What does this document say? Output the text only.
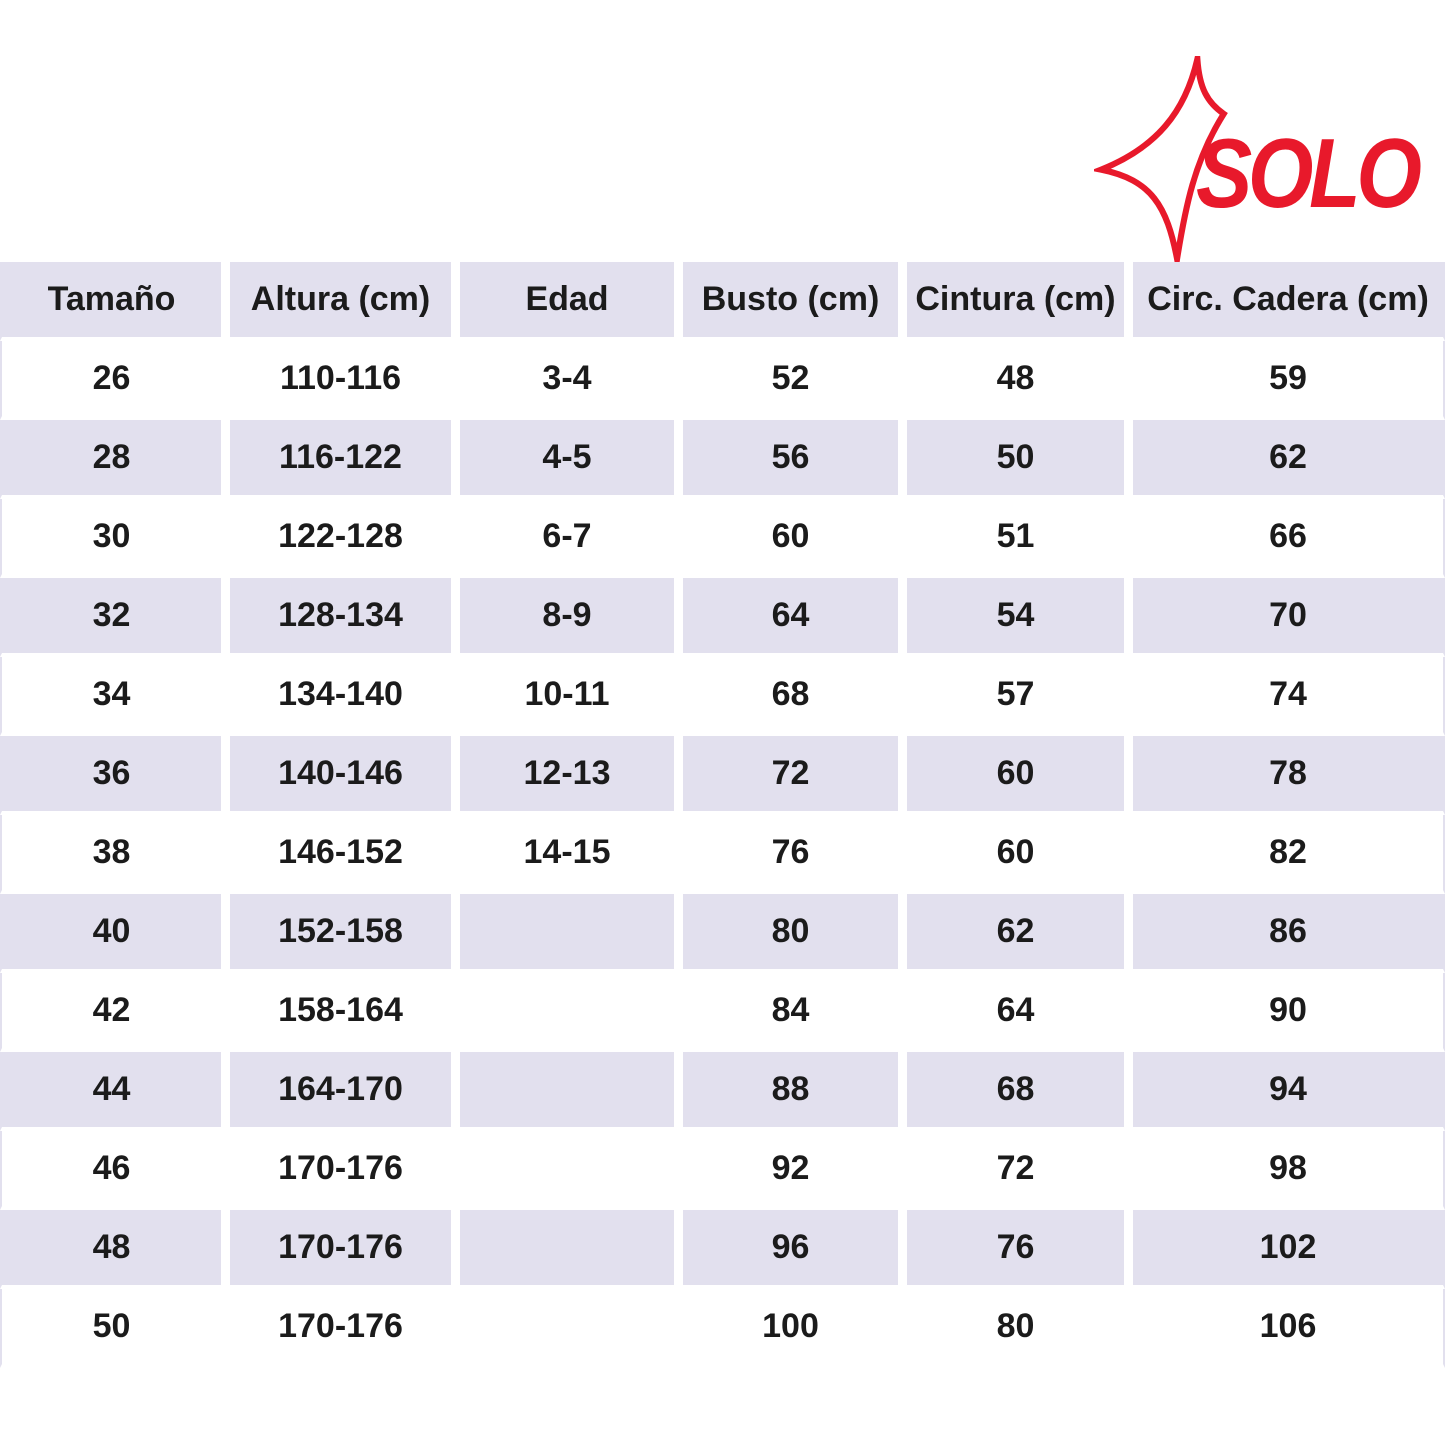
SOLO
Tamaño	Altura (cm)	Edad	Busto (cm)	Cintura (cm)	Circ. Cadera (cm)
26	110-116	3-4	52	48	59
28	116-122	4-5	56	50	62
30	122-128	6-7	60	51	66
32	128-134	8-9	64	54	70
34	134-140	10-11	68	57	74
36	140-146	12-13	72	60	78
38	146-152	14-15	76	60	82
40	152-158		80	62	86
42	158-164		84	64	90
44	164-170		88	68	94
46	170-176		92	72	98
48	170-176		96	76	102
50	170-176		100	80	106
